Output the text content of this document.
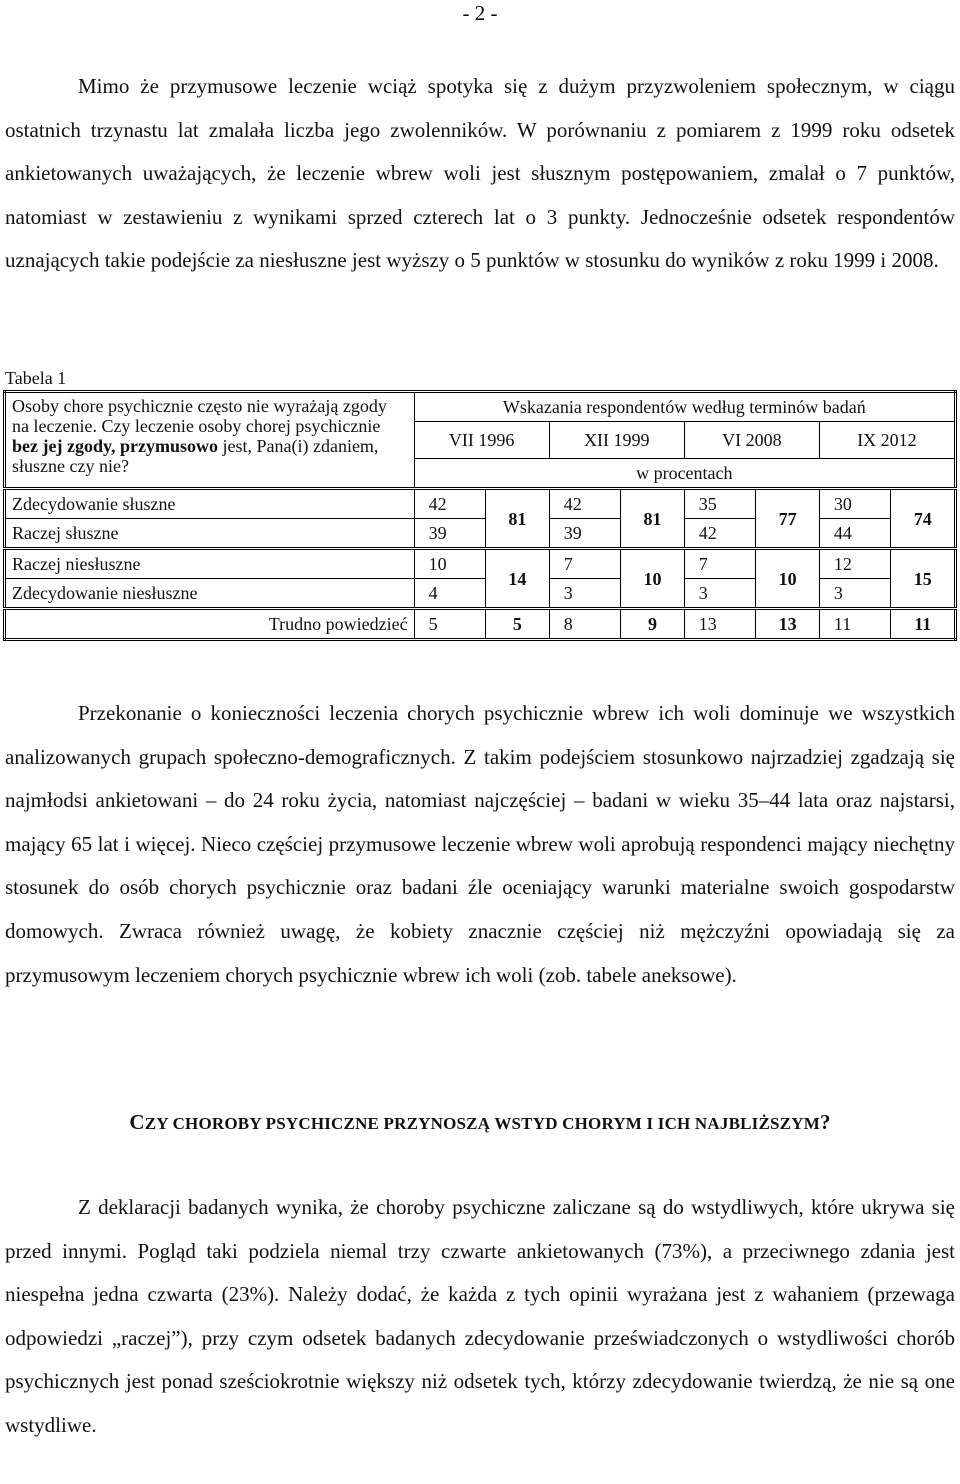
- 2 -

Mimo że przymusowe leczenie wciąż spotyka się z dużym przyzwoleniem społecznym, w ciągu ostatnich trzynastu lat zmalała liczba jego zwolenników. W porównaniu z pomiarem z 1999 roku odsetek ankietowanych uważających, że leczenie wbrew woli jest słusznym postępowaniem, zmalał o 7 punktów, natomiast w zestawieniu z wynikami sprzed czterech lat o 3 punkty. Jednocześnie odsetek respondentów uznających takie podejście za niesłuszne jest wyższy o 5 punktów w stosunku do wyników z roku 1999 i 2008.

Tabela 1
Osoby chore psychicznie często nie wyrażają zgody na leczenie. Czy leczenie osoby chorej psychicznie bez jej zgody, przymusowo jest, Pana(i) zdaniem, słuszne czy nie?	Wskazania respondentów według terminów badań							
	VII 1996		XII 1999		VI 2008		IX 2012	
	w procentach							
Zdecydowanie słuszne	42	81	42	81	35	77	30	74
Raczej słuszne	39		39		42		44	
Raczej niesłuszne	10	14	7	10	7	10	12	15
Zdecydowanie niesłuszne	4		3		3		3	
Trudno powiedzieć	5	5	8	9	13	13	11	11

Przekonanie o konieczności leczenia chorych psychicznie wbrew ich woli dominuje we wszystkich analizowanych grupach społeczno-demograficznych. Z takim podejściem stosunkowo najrzadziej zgadzają się najmłodsi ankietowani – do 24 roku życia, natomiast najczęściej – badani w wieku 35–44 lata oraz najstarsi, mający 65 lat i więcej. Nieco częściej przymusowe leczenie wbrew woli aprobują respondenci mający niechętny stosunek do osób chorych psychicznie oraz badani źle oceniający warunki materialne swoich gospodarstw domowych. Zwraca również uwagę, że kobiety znacznie częściej niż mężczyźni opowiadają się za przymusowym leczeniem chorych psychicznie wbrew ich woli (zob. tabele aneksowe).

CZY CHOROBY PSYCHICZNE PRZYNOSZĄ WSTYD CHORYM I ICH NAJBLIŻSZYM?

Z deklaracji badanych wynika, że choroby psychiczne zaliczane są do wstydliwych, które ukrywa się przed innymi. Pogląd taki podziela niemal trzy czwarte ankietowanych (73%), a przeciwnego zdania jest niespełna jedna czwarta (23%). Należy dodać, że każda z tych opinii wyrażana jest z wahaniem (przewaga odpowiedzi „raczej”), przy czym odsetek badanych zdecydowanie przeświadczonych o wstydliwości chorób psychicznych jest ponad sześciokrotnie większy niż odsetek tych, którzy zdecydowanie twierdzą, że nie są one wstydliwe.
